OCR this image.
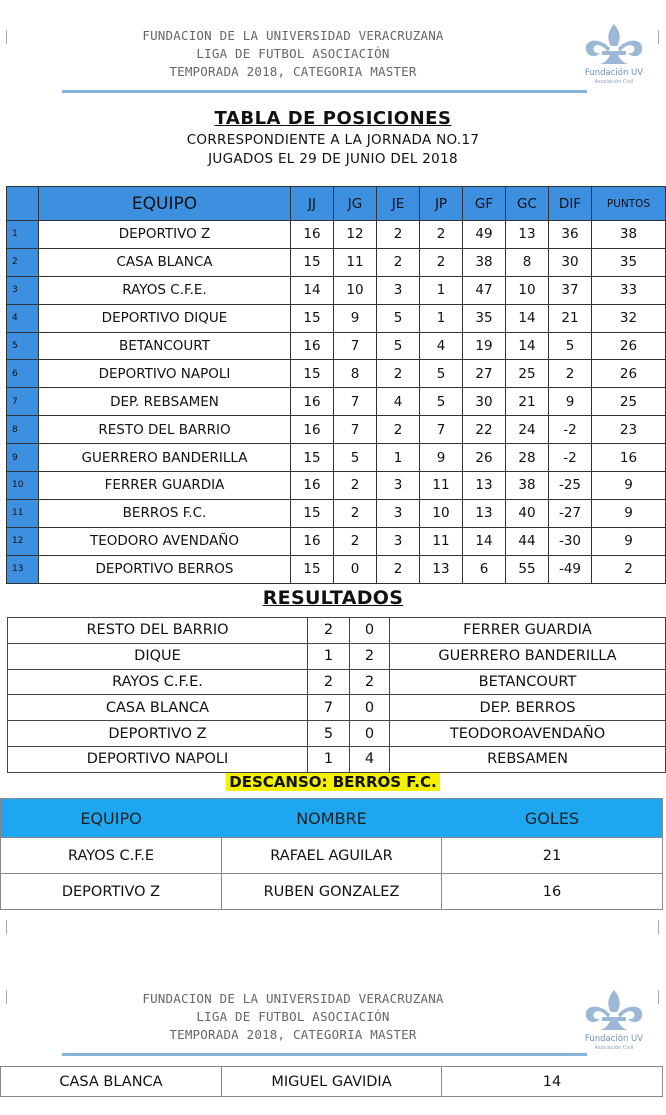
FUNDACION DE LA UNIVERSIDAD VERACRUZANA
LIGA DE FUTBOL ASOCIACIÓN
TEMPORADA 2018, CATEGORIA MASTER	Fundación UV
Asociación Civil
TABLA DE POSICIONES
CORRESPONDIENTE A LA JORNADA NO.17
JUGADOS EL 29 DE JUNIO DEL 2018
	EQUIPO	JJ	JG	JE	JP	GF	GC	DIF	PUNTOS
1	DEPORTIVO Z	16	12	2	2	49	13	36	38
2	CASA BLANCA	15	11	2	2	38	8	30	35
3	RAYOS C.F.E.	14	10	3	1	47	10	37	33
4	DEPORTIVO DIQUE	15	9	5	1	35	14	21	32
5	BETANCOURT	16	7	5	4	19	14	5	26
6	DEPORTIVO NAPOLI	15	8	2	5	27	25	2	26
7	DEP. REBSAMEN	16	7	4	5	30	21	9	25
8	RESTO DEL BARRIO	16	7	2	7	22	24	-2	23
9	GUERRERO BANDERILLA	15	5	1	9	26	28	-2	16
10	FERRER GUARDIA	16	2	3	11	13	38	-25	9
11	BERROS F.C.	15	2	3	10	13	40	-27	9
12	TEODORO AVENDAÑO	16	2	3	11	14	44	-30	9
13	DEPORTIVO BERROS	15	0	2	13	6	55	-49	2
RESULTADOS
RESTO DEL BARRIO	2	0	FERRER GUARDIA
DIQUE	1	2	GUERRERO BANDERILLA
RAYOS C.F.E.	2	2	BETANCOURT
CASA BLANCA	7	0	DEP. BERROS
DEPORTIVO Z	5	0	TEODOROAVENDAÑO
DEPORTIVO NAPOLI	1	4	REBSAMEN
DESCANSO: BERROS F.C.
EQUIPO	NOMBRE	GOLES
RAYOS C.F.E	RAFAEL AGUILAR	21
DEPORTIVO Z	RUBEN GONZALEZ	16
FUNDACION DE LA UNIVERSIDAD VERACRUZANA
LIGA DE FUTBOL ASOCIACIÓN
TEMPORADA 2018, CATEGORIA MASTER	Fundación UV
Asociación Civil
CASA BLANCA	MIGUEL GAVIDIA	14
